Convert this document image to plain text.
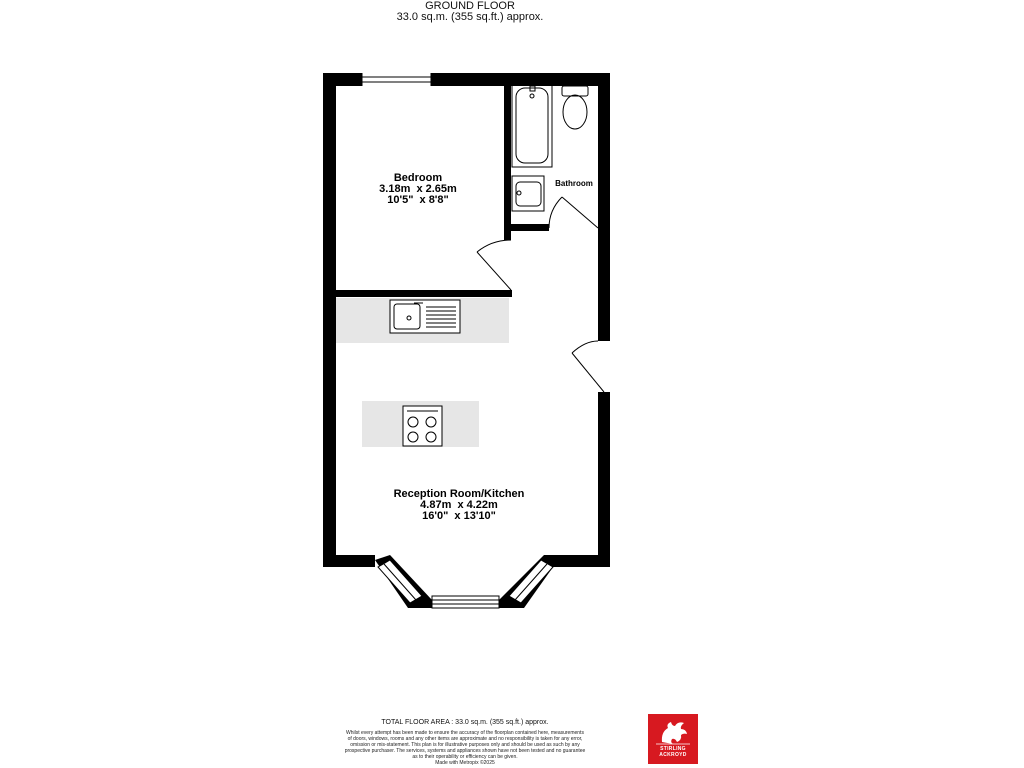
GROUND FLOOR
33.0 sq.m. (355 sq.ft.) approx.
Bedroom
3.18m  x 2.65m
10'5"  x 8'8"
Bathroom
Reception Room/Kitchen
4.87m  x 4.22m
16'0"  x 13'10"
TOTAL FLOOR AREA : 33.0 sq.m. (355 sq.ft.) approx.
Whilst every attempt has been made to ensure the accuracy of the floorplan contained here, measurements
of doors, windows, rooms and any other items are approximate and no responsibility is taken for any error,
omission or mis-statement. This plan is for illustrative purposes only and should be used as such by any
prospective purchaser. The services, systems and appliances shown have not been tested and no guarantee
as to their operability or efficiency can be given.
Made with Metropix ©2025
STIRLING
ACKROYD
